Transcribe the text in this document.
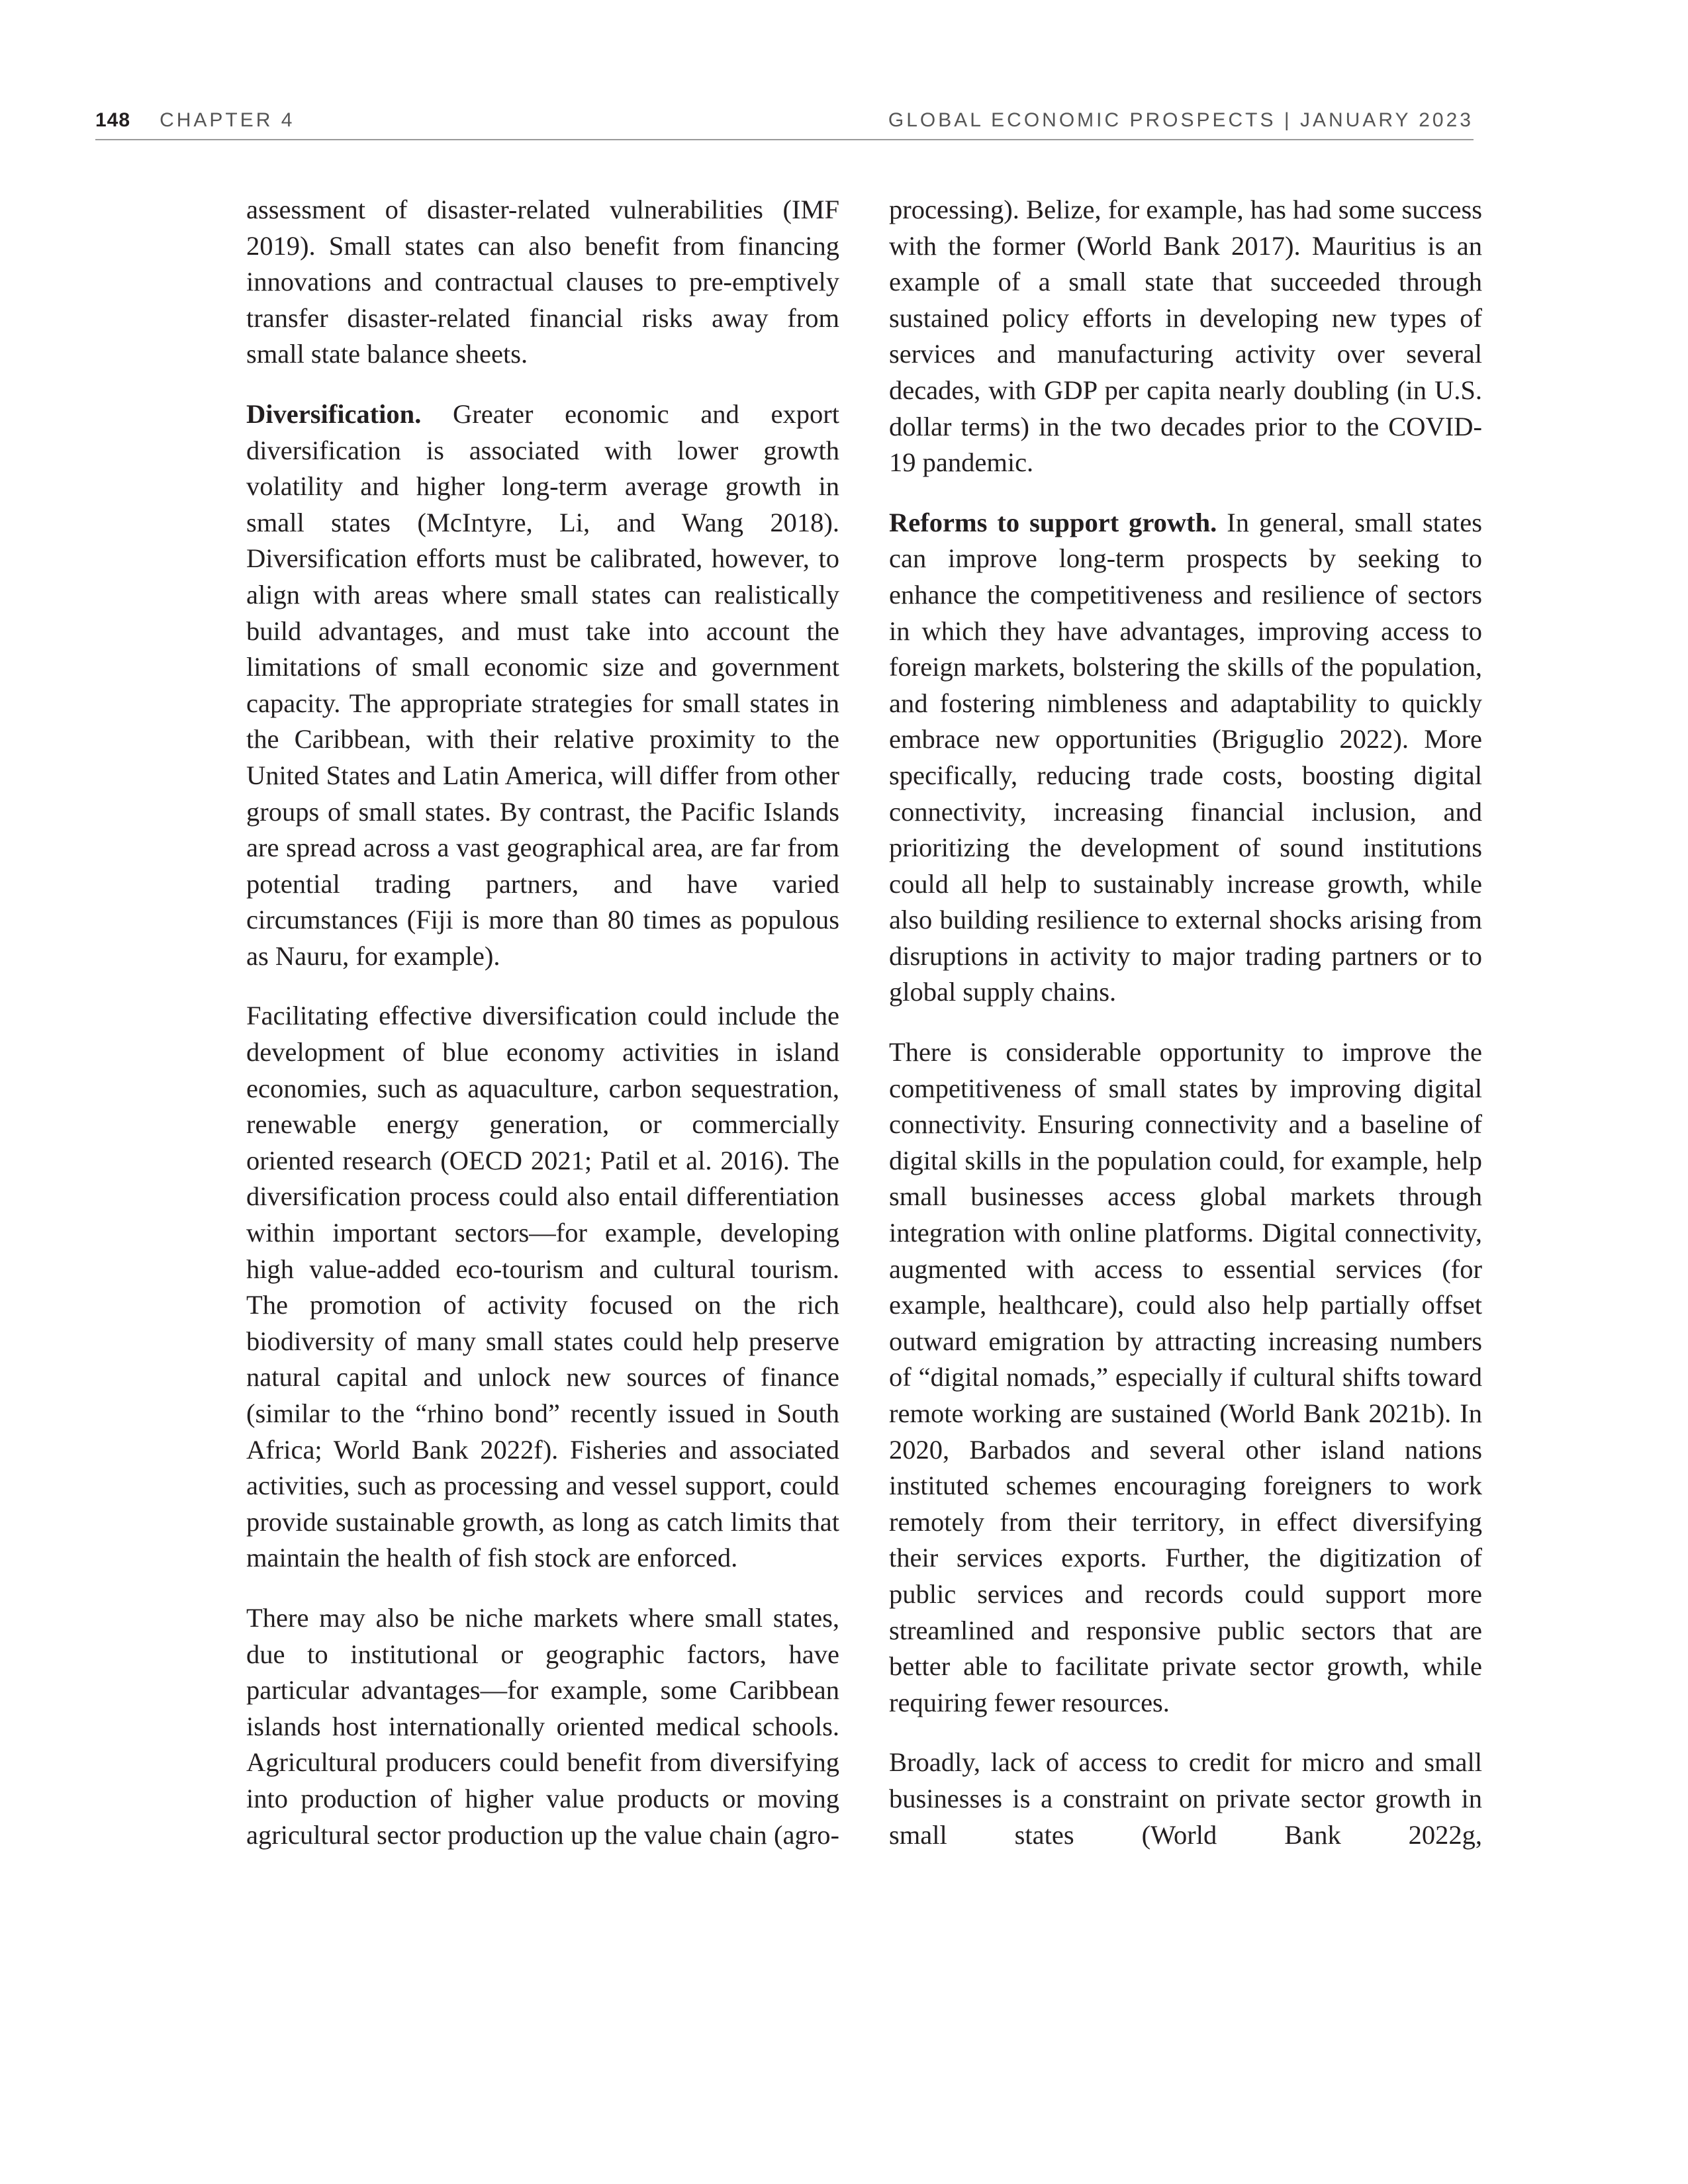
148 CHAPTER 4	GLOBAL ECONOMIC PROSPECTS | JANUARY 2023

assessment of disaster-related vulnerabilities (IMF 2019). Small states can also benefit from financing innovations and contractual clauses to pre-emptively transfer disaster-related financial risks away from small state balance sheets.

Diversification. Greater economic and export diversification is associated with lower growth volatility and higher long-term average growth in small states (McIntyre, Li, and Wang 2018). Diversification efforts must be calibrated, however, to align with areas where small states can realistically build advantages, and must take into account the limitations of small economic size and government capacity. The appropriate strategies for small states in the Caribbean, with their relative proximity to the United States and Latin America, will differ from other groups of small states. By contrast, the Pacific Islands are spread across a vast geographical area, are far from potential trading partners, and have varied circumstances (Fiji is more than 80 times as populous as Nauru, for example).

Facilitating effective diversification could include the development of blue economy activities in island economies, such as aquaculture, carbon sequestration, renewable energy generation, or commercially oriented research (OECD 2021; Patil et al. 2016). The diversification process could also entail differentiation within important sectors—for example, developing high value-added eco-tourism and cultural tourism. The promotion of activity focused on the rich biodiversity of many small states could help preserve natural capital and unlock new sources of finance (similar to the “rhino bond” recently issued in South Africa; World Bank 2022f). Fisheries and associated activities, such as processing and vessel support, could provide sustainable growth, as long as catch limits that maintain the health of fish stock are enforced.

There may also be niche markets where small states, due to institutional or geographic factors, have particular advantages—for example, some Caribbean islands host internationally oriented medical schools. Agricultural producers could benefit from diversifying into production of higher value products or moving agricultural sector production up the value chain (agro-

processing). Belize, for example, has had some success with the former (World Bank 2017). Mauritius is an example of a small state that succeeded through sustained policy efforts in developing new types of services and manufacturing activity over several decades, with GDP per capita nearly doubling (in U.S. dollar terms) in the two decades prior to the COVID-19 pandemic.

Reforms to support growth. In general, small states can improve long-term prospects by seeking to enhance the competitiveness and resilience of sectors in which they have advantages, improving access to foreign markets, bolstering the skills of the population, and fostering nimbleness and adaptability to quickly embrace new opportunities (Briguglio 2022). More specifically, reducing trade costs, boosting digital connectivity, increasing financial inclusion, and prioritizing the development of sound institutions could all help to sustainably increase growth, while also building resilience to external shocks arising from disruptions in activity to major trading partners or to global supply chains.

There is considerable opportunity to improve the competitiveness of small states by improving digital connectivity. Ensuring connectivity and a baseline of digital skills in the population could, for example, help small businesses access global markets through integration with online platforms. Digital connectivity, augmented with access to essential services (for example, healthcare), could also help partially offset outward emigration by attracting increasing numbers of “digital nomads,” especially if cultural shifts toward remote working are sustained (World Bank 2021b). In 2020, Barbados and several other island nations instituted schemes encouraging foreigners to work remotely from their territory, in effect diversifying their services exports. Further, the digitization of public services and records could support more streamlined and responsive public sectors that are better able to facilitate private sector growth, while requiring fewer resources.

Broadly, lack of access to credit for micro and small businesses is a constraint on private sector growth in small states (World Bank 2022g,
